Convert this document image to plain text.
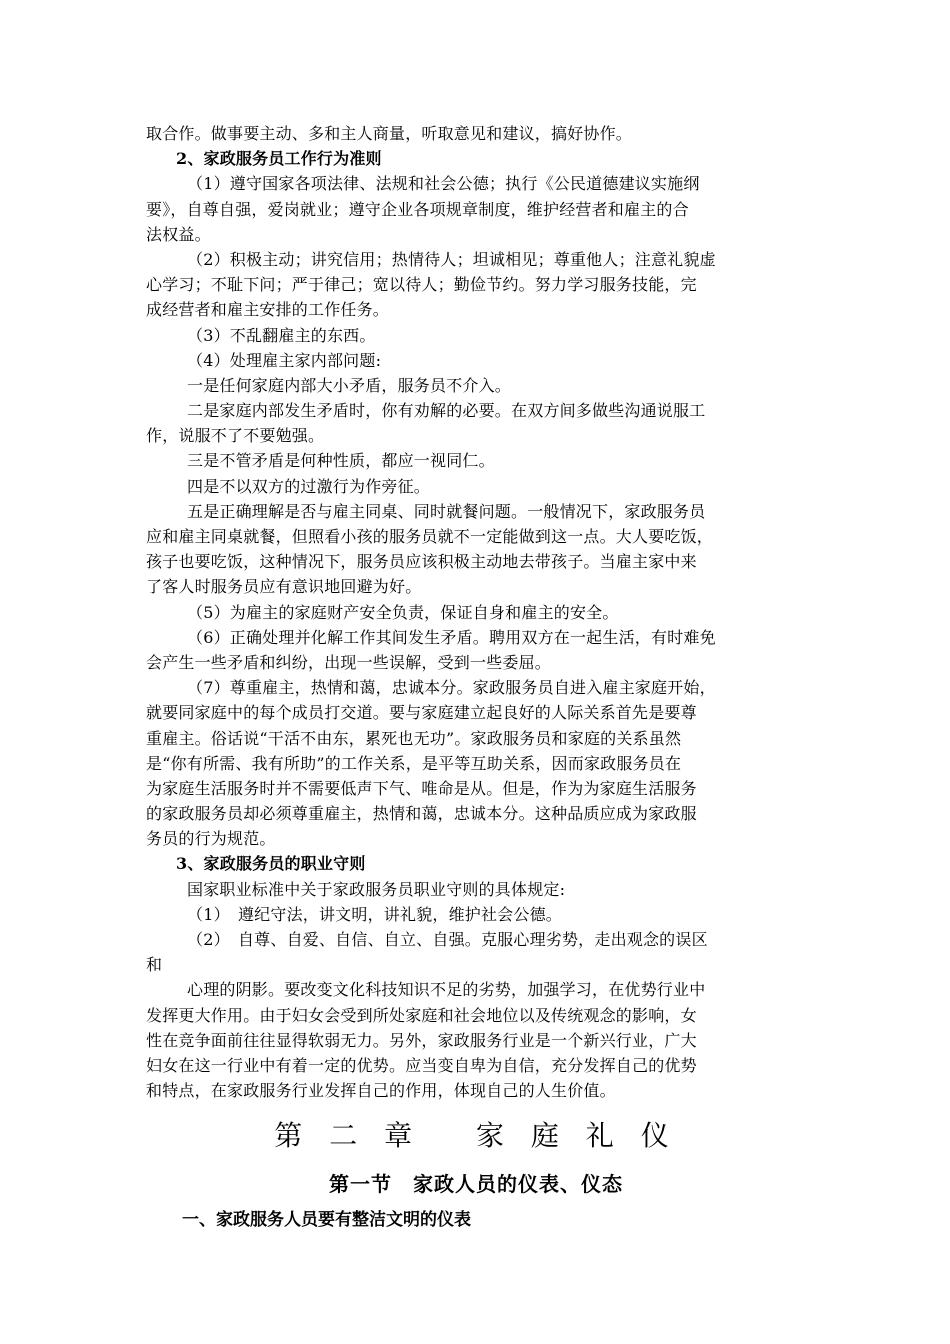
取合作。做事要主动、多和主人商量，听取意见和建议，搞好协作。
2、家政服务员工作行为准则
（1）遵守国家各项法律、法规和社会公德；执行《公民道德建议实施纲
要》，自尊自强，爱岗就业；遵守企业各项规章制度，维护经营者和雇主的合
法权益。
（2）积极主动；讲究信用；热情待人；坦诚相见；尊重他人；注意礼貌虚
心学习；不耻下问；严于律己；宽以待人；勤俭节约。努力学习服务技能，完
成经营者和雇主安排的工作任务。
（3）不乱翻雇主的东西。
（4）处理雇主家内部问题:
一是任何家庭内部大小矛盾，服务员不介入。
二是家庭内部发生矛盾时，你有劝解的必要。在双方间多做些沟通说服工
作，说服不了不要勉强。
三是不管矛盾是何种性质，都应一视同仁。
四是不以双方的过激行为作旁征。
五是正确理解是否与雇主同桌、同时就餐问题。一般情况下，家政服务员
应和雇主同桌就餐，但照看小孩的服务员就不一定能做到这一点。大人要吃饭，
孩子也要吃饭，这种情况下，服务员应该积极主动地去带孩子。当雇主家中来
了客人时服务员应有意识地回避为好。
（5）为雇主的家庭财产安全负责，保证自身和雇主的安全。
（6）正确处理并化解工作其间发生矛盾。聘用双方在一起生活，有时难免
会产生一些矛盾和纠纷，出现一些误解，受到一些委屈。
（7）尊重雇主，热情和蔼，忠诚本分。家政服务员自进入雇主家庭开始，
就要同家庭中的每个成员打交道。要与家庭建立起良好的人际关系首先是要尊
重雇主。俗话说“干活不由东，累死也无功”。家政服务员和家庭的关系虽然
是“你有所需、我有所助”的工作关系，是平等互助关系，因而家政服务员在
为家庭生活服务时并不需要低声下气、唯命是从。但是，作为为家庭生活服务
的家政服务员却必须尊重雇主，热情和蔼，忠诚本分。这种品质应成为家政服
务员的行为规范。
3、家政服务员的职业守则
国家职业标准中关于家政服务员职业守则的具体规定:
（1）　遵纪守法，讲文明，讲礼貌，维护社会公德。
（2）　自尊、自爱、自信、自立、自强。克服心理劣势，走出观念的误区
和
心理的阴影。要改变文化科技知识不足的劣势，加强学习，在优势行业中
发挥更大作用。由于妇女会受到所处家庭和社会地位以及传统观念的影响，女
性在竞争面前往往显得软弱无力。另外，家政服务行业是一个新兴行业，广大
妇女在这一行业中有着一定的优势。应当变自卑为自信，充分发挥自己的优势
和特点，在家政服务行业发挥自己的作用，体现自己的人生价值。
第 二 章　 家 庭 礼 仪
第一节　家政人员的仪表、仪态
一、家政服务人员要有整洁文明的仪表
